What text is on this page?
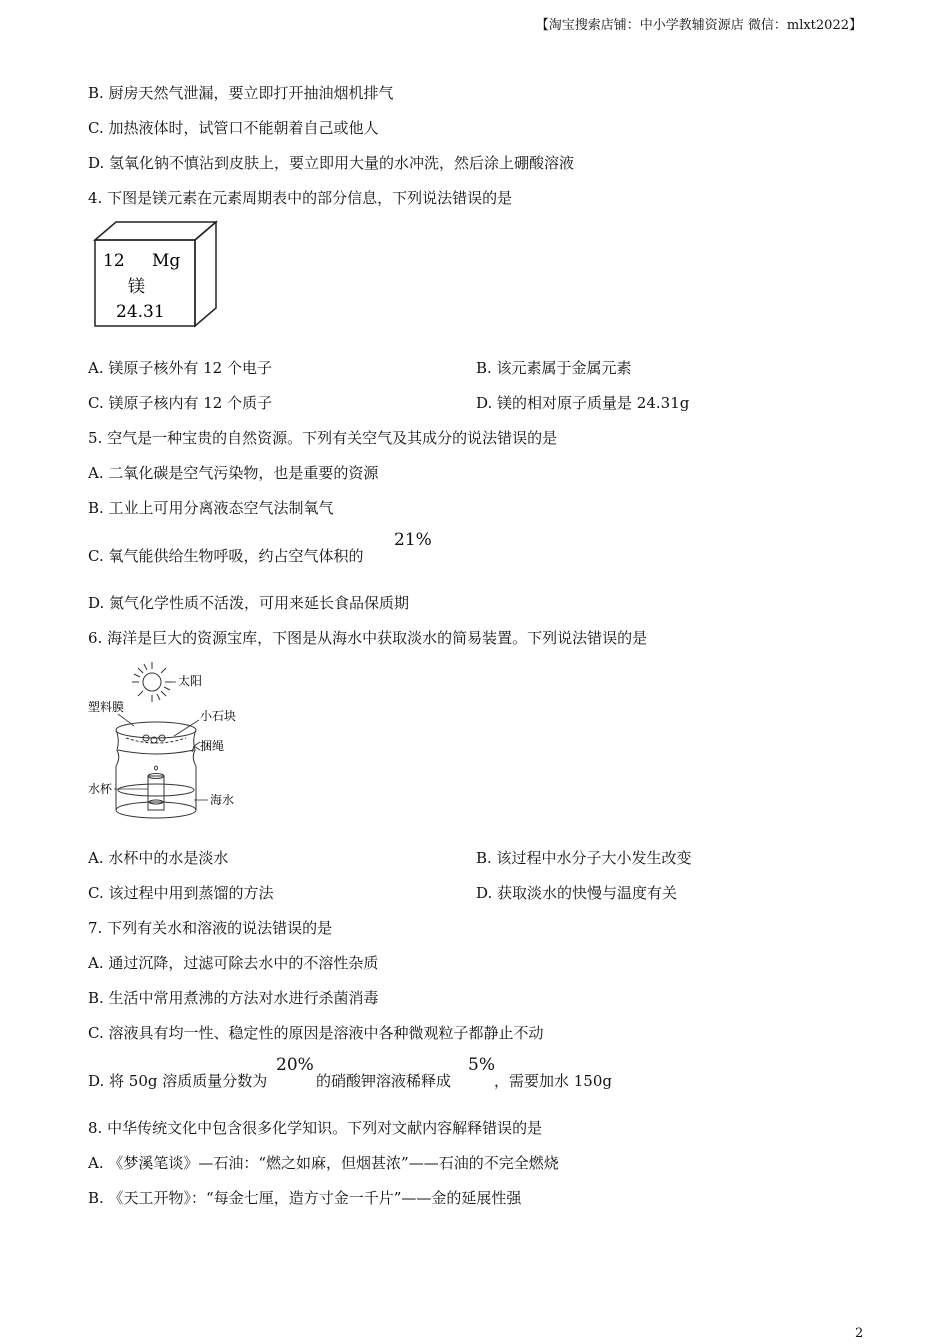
【淘宝搜索店铺：中小学教辅资源店 微信：mlxt2022】
B. 厨房天然气泄漏，要立即打开抽油烟机排气
C. 加热液体时，试管口不能朝着自己或他人
D. 氢氧化钠不慎沾到皮肤上，要立即用大量的水冲洗，然后涂上硼酸溶液
4. 下图是镁元素在元素周期表中的部分信息，下列说法错误的是
12 Mg
镁
24.31
A. 镁原子核外有 12 个电子	B. 该元素属于金属元素
C. 镁原子核内有 12 个质子	D. 镁的相对原子质量是 24.31g
5. 空气是一种宝贵的自然资源。下列有关空气及其成分的说法错误的是
A. 二氧化碳是空气污染物，也是重要的资源
B. 工业上可用分离液态空气法制氧气
C. 氧气能供给生物呼吸，约占空气体积的
21%
D. 氮气化学性质不活泼，可用来延长食品保质期
6. 海洋是巨大的资源宝库，下图是从海水中获取淡水的简易装置。下列说法错误的是
太阳
塑料膜
小石块
捆绳
水杯
海水
A. 水杯中的水是淡水	B. 该过程中水分子大小发生改变
C. 该过程中用到蒸馏的方法	D. 获取淡水的快慢与温度有关
7. 下列有关水和溶液的说法错误的是
A. 通过沉降，过滤可除去水中的不溶性杂质
B. 生活中常用煮沸的方法对水进行杀菌消毒
C. 溶液具有均一性、稳定性的原因是溶液中各种微观粒子都静止不动
D. 将 50g 溶质质量分数为
20%
的硝酸钾溶液稀释成
5%
，需要加水 150g
8. 中华传统文化中包含很多化学知识。下列对文献内容解释错误的是
A. 《梦溪笔谈》—石油：“燃之如麻，但烟甚浓”——石油的不完全燃烧
B. 《天工开物》：“每金七厘，造方寸金一千片”——金的延展性强
2
